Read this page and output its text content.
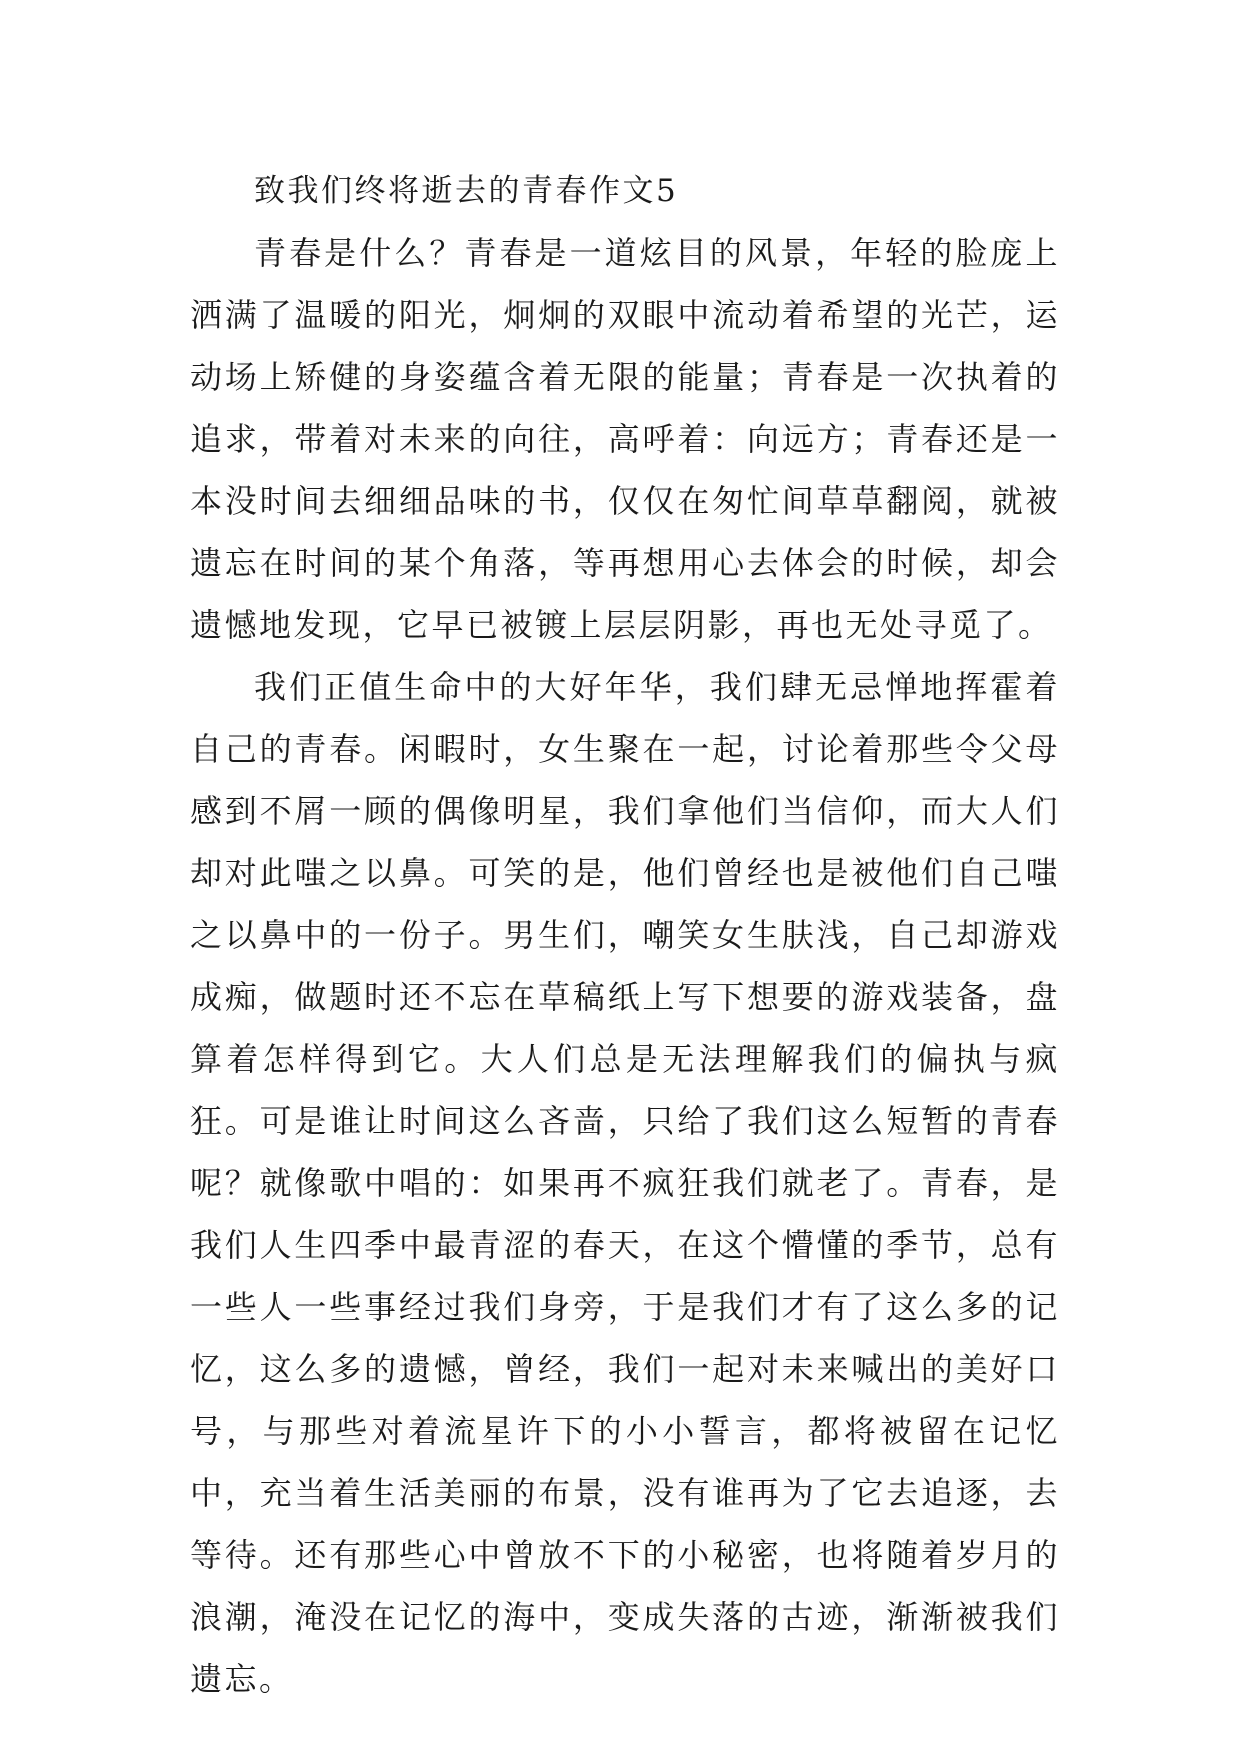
致我们终将逝去的青春作文5

青春是什么？青春是一道炫目的风景，年轻的脸庞上洒满了温暖的阳光，炯炯的双眼中流动着希望的光芒，运动场上矫健的身姿蕴含着无限的能量；青春是一次执着的追求，带着对未来的向往，高呼着：向远方；青春还是一本没时间去细细品味的书，仅仅在匆忙间草草翻阅，就被遗忘在时间的某个角落，等再想用心去体会的时候，却会遗憾地发现，它早已被镀上层层阴影，再也无处寻觅了。

我们正值生命中的大好年华，我们肆无忌惮地挥霍着自己的青春。闲暇时，女生聚在一起，讨论着那些令父母感到不屑一顾的偶像明星，我们拿他们当信仰，而大人们却对此嗤之以鼻。可笑的是，他们曾经也是被他们自己嗤之以鼻中的一份子。男生们，嘲笑女生肤浅，自己却游戏成痴，做题时还不忘在草稿纸上写下想要的游戏装备，盘算着怎样得到它。大人们总是无法理解我们的偏执与疯狂。可是谁让时间这么吝啬，只给了我们这么短暂的青春呢？就像歌中唱的：如果再不疯狂我们就老了。青春，是我们人生四季中最青涩的春天，在这个懵懂的季节，总有一些人一些事经过我们身旁，于是我们才有了这么多的记忆，这么多的遗憾，曾经，我们一起对未来喊出的美好口号，与那些对着流星许下的小小誓言，都将被留在记忆中，充当着生活美丽的布景，没有谁再为了它去追逐，去等待。还有那些心中曾放不下的小秘密，也将随着岁月的浪潮，淹没在记忆的海中，变成失落的古迹，渐渐被我们遗忘。
